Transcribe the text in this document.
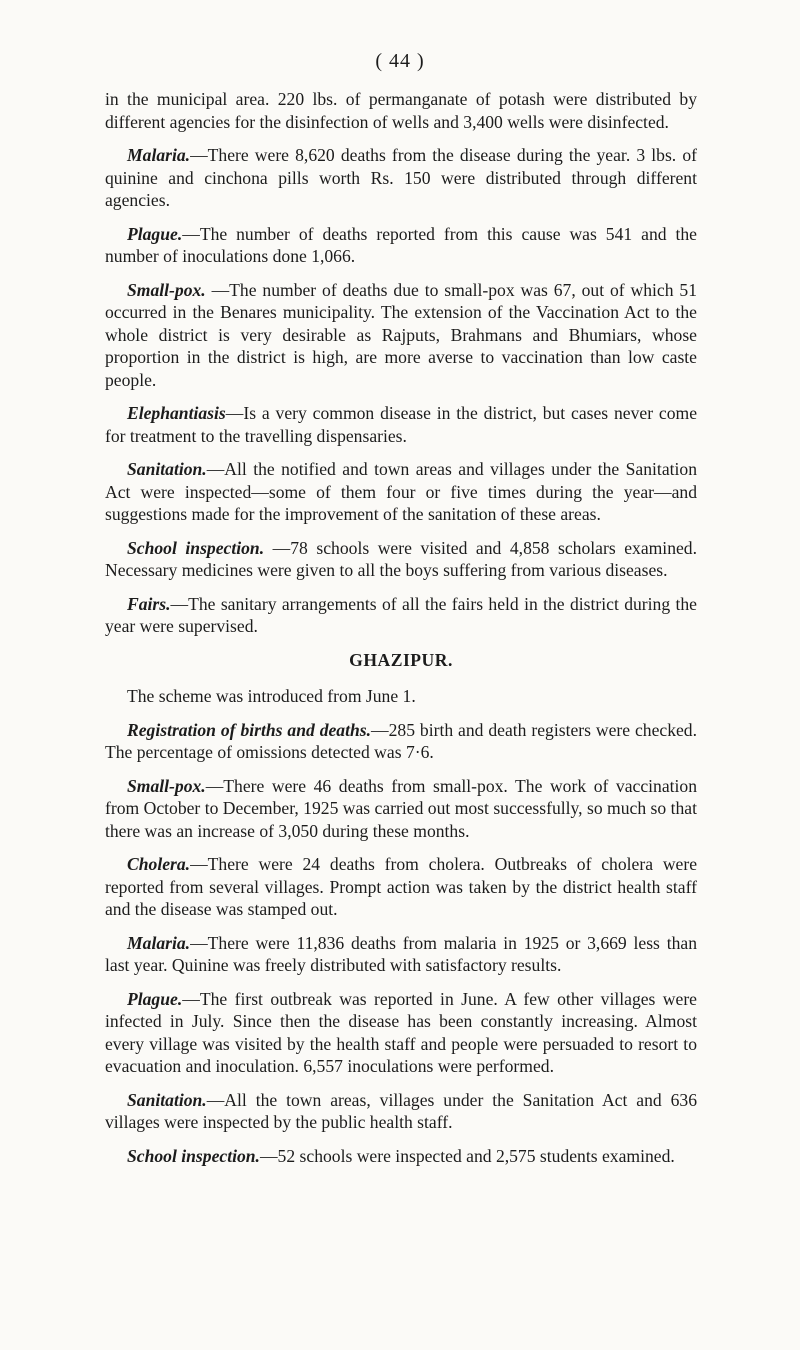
( 44 )

in the municipal area. 220 lbs. of permanganate of potash were distributed by different agencies for the disinfection of wells and 3,400 wells were disinfected.

Malaria.—There were 8,620 deaths from the disease during the year. 3 lbs. of quinine and cinchona pills worth Rs. 150 were distributed through different agencies.

Plague.—The number of deaths reported from this cause was 541 and the number of inoculations done 1,066.

Small-pox. —The number of deaths due to small-pox was 67, out of which 51 occurred in the Benares municipality. The extension of the Vaccination Act to the whole district is very desirable as Rajputs, Brahmans and Bhumiars, whose proportion in the district is high, are more averse to vaccination than low caste people.

Elephantiasis—Is a very common disease in the district, but cases never come for treatment to the travelling dispensaries.

Sanitation.—All the notified and town areas and villages under the Sanitation Act were inspected—some of them four or five times during the year—and suggestions made for the improvement of the sanitation of these areas.

School inspection. —78 schools were visited and 4,858 scholars examined. Necessary medicines were given to all the boys suffering from various diseases.

Fairs.—The sanitary arrangements of all the fairs held in the district during the year were supervised.

GHAZIPUR.

The scheme was introduced from June 1.

Registration of births and deaths.—285 birth and death registers were checked. The percentage of omissions detected was 7·6.

Small-pox.—There were 46 deaths from small-pox. The work of vaccination from October to December, 1925 was carried out most successfully, so much so that there was an increase of 3,050 during these months.

Cholera.—There were 24 deaths from cholera. Outbreaks of cholera were reported from several villages. Prompt action was taken by the district health staff and the disease was stamped out.

Malaria.—There were 11,836 deaths from malaria in 1925 or 3,669 less than last year. Quinine was freely distributed with satisfactory results.

Plague.—The first outbreak was reported in June. A few other villages were infected in July. Since then the disease has been constantly increasing. Almost every village was visited by the health staff and people were persuaded to resort to evacuation and inoculation. 6,557 inoculations were performed.

Sanitation.—All the town areas, villages under the Sanitation Act and 636 villages were inspected by the public health staff.

School inspection.—52 schools were inspected and 2,575 students examined.
